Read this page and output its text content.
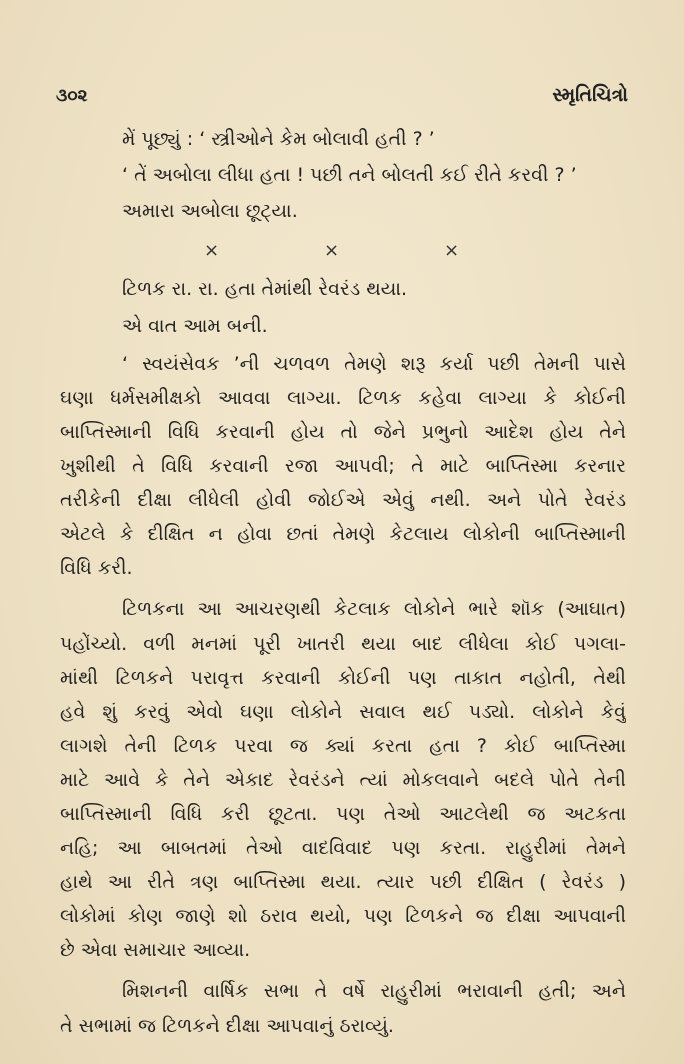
૩૦૨	સ્મૃતિચિત્રો
મેં પૂછ્યું : ‘ સ્ત્રીઓને કેમ બોલાવી હતી ? ’
‘ તેં અબોલા લીધા હતા ! પછી તને બોલતી કઈ રીતે કરવી ? ’
અમારા અબોલા છૂટ્યા.
×	×	×
ટિળક રા. રા. હતા તેમાંથી રેવરંડ થયા.
એ વાત આમ બની.
‘ સ્વયંસેવક ’ની ચળવળ તેમણે શરૂ કર્યા પછી તેમની પાસે
ઘણા ધર્મસમીક્ષકો આવવા લાગ્યા. ટિળક કહેવા લાગ્યા કે કોઈની
બાપ્તિસ્માની વિધિ કરવાની હોય તો જેને પ્રભુનો આદેશ હોય તેને
ખુશીથી તે વિધિ કરવાની રજા આપવી; તે માટે બાપ્તિસ્મા કરનાર
તરીકેની દીક્ષા લીધેલી હોવી જોઈએ એવું નથી. અને પોતે રેવરંડ
એટલે કે દીક્ષિત ન હોવા છતાં તેમણે કેટલાય લોકોની બાપ્તિસ્માની
વિધિ કરી.
ટિળકના આ આચરણથી કેટલાક લોકોને ભારે શૉક (આઘાત)
પહોંચ્યો. વળી મનમાં પૂરી ખાતરી થયા બાદ લીધેલા કોઈ પગલા-
માંથી ટિળકને પરાવૃત્ત કરવાની કોઈની પણ તાકાત નહોતી, તેથી
હવે શું કરવું એવો ઘણા લોકોને સવાલ થઈ પડ્યો. લોકોને કેવું
લાગશે તેની ટિળક પરવા જ ક્યાં કરતા હતા ? કોઈ બાપ્તિસ્મા
માટે આવે કે તેને એકાદ રેવરંડને ત્યાં મોકલવાને બદલે પોતે તેની
બાપ્તિસ્માની વિધિ કરી છૂટતા. પણ તેઓ આટલેથી જ અટકતા
નહિ; આ બાબતમાં તેઓ વાદવિવાદ પણ કરતા. રાહુરીમાં તેમને
હાથે આ રીતે ત્રણ બાપ્તિસ્મા થયા. ત્યાર પછી દીક્ષિત ( રેવરંડ )
લોકોમાં કોણ જાણે શો ઠરાવ થયો, પણ ટિળકને જ દીક્ષા આપવાની
છે એવા સમાચાર આવ્યા.
મિશનની વાર્ષિક સભા તે વર્ષે રાહુરીમાં ભરાવાની હતી; અને
તે સભામાં જ ટિળકને દીક્ષા આપવાનું ઠરાવ્યું.
